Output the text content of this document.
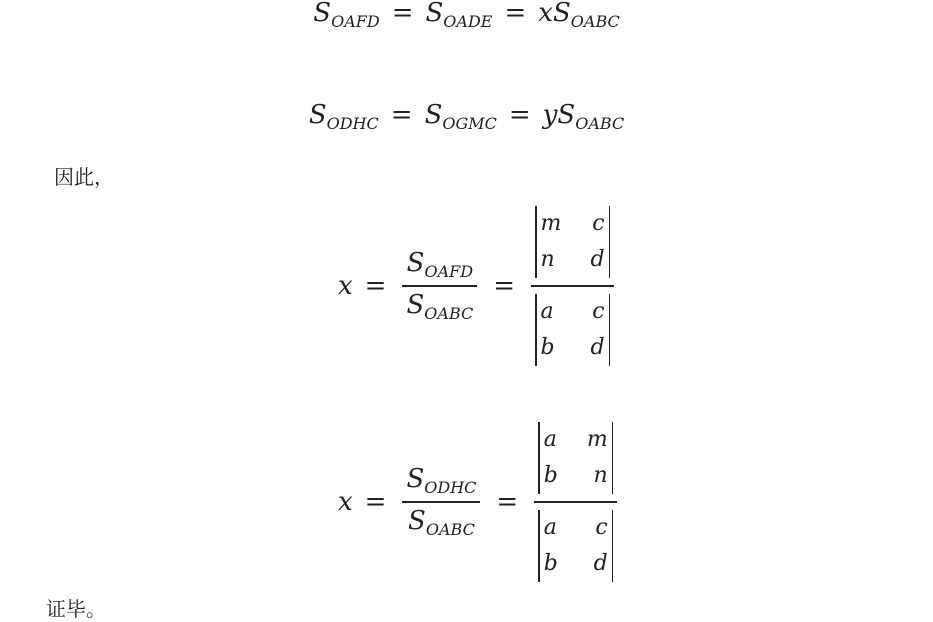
$S_{OAFD} = S_{OADE} = xS_{OABC}$
$S_{ODHC} = S_{OGMC} = yS_{OABC}$
因此，
$x = \frac{S_{OAFD}}{S_{OABC}} = m$	c
n	d
a	c
b	d
$x = \frac{S_{ODHC}}{S_{OABC}} = a$	m
b	n
a	c
b	d
证毕。
